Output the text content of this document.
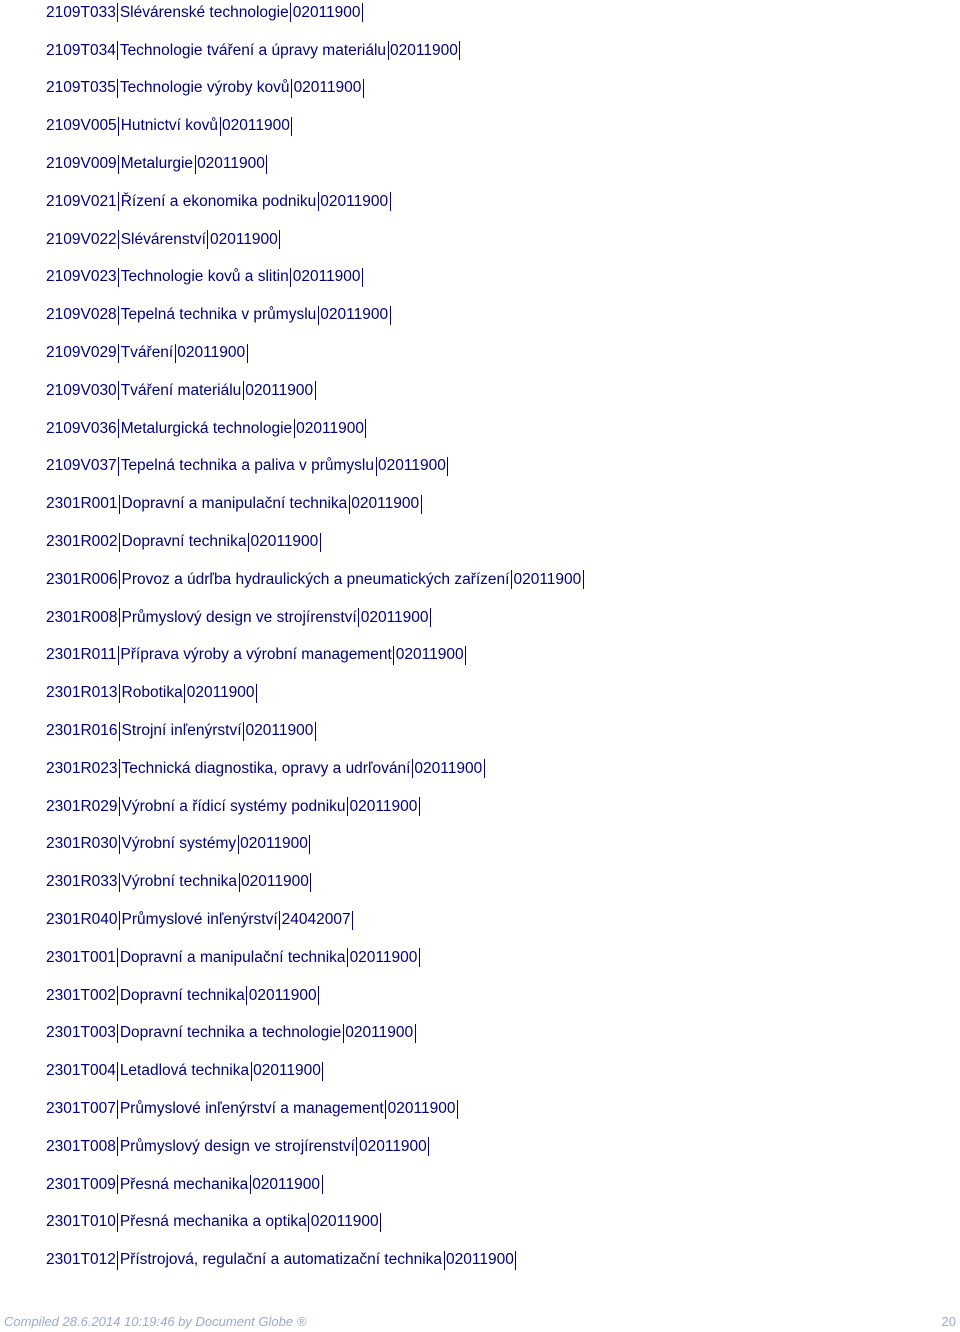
2109T033 Slévárenské technologie 02011900
2109T034 Technologie tváření a úpravy materiálu 02011900
2109T035 Technologie výroby kovů 02011900
2109V005 Hutnictví kovů 02011900
2109V009 Metalurgie 02011900
2109V021 Řízení a ekonomika podniku 02011900
2109V022 Slévárenství 02011900
2109V023 Technologie kovů a slitin 02011900
2109V028 Tepelná technika v průmyslu 02011900
2109V029 Tváření 02011900
2109V030 Tváření materiálu 02011900
2109V036 Metalurgická technologie 02011900
2109V037 Tepelná technika a paliva v průmyslu 02011900
2301R001 Dopravní a manipulační technika 02011900
2301R002 Dopravní technika 02011900
2301R006 Provoz a údrľba hydraulických a pneumatických zařízení 02011900
2301R008 Průmyslový design ve strojírenství 02011900
2301R011 Příprava výroby a výrobní management 02011900
2301R013 Robotika 02011900
2301R016 Strojní inľenýrství 02011900
2301R023 Technická diagnostika, opravy a udrľování 02011900
2301R029 Výrobní a řídicí systémy podniku 02011900
2301R030 Výrobní systémy 02011900
2301R033 Výrobní technika 02011900
2301R040 Průmyslové inľenýrství 24042007
2301T001 Dopravní a manipulační technika 02011900
2301T002 Dopravní technika 02011900
2301T003 Dopravní technika a technologie 02011900
2301T004 Letadlová technika 02011900
2301T007 Průmyslové inľenýrství a management 02011900
2301T008 Průmyslový design ve strojírenství 02011900
2301T009 Přesná mechanika 02011900
2301T010 Přesná mechanika a optika 02011900
2301T012 Přístrojová, regulační a automatizační technika 02011900
Compiled 28.6.2014 10:19:46 by Document Globe ®	20
